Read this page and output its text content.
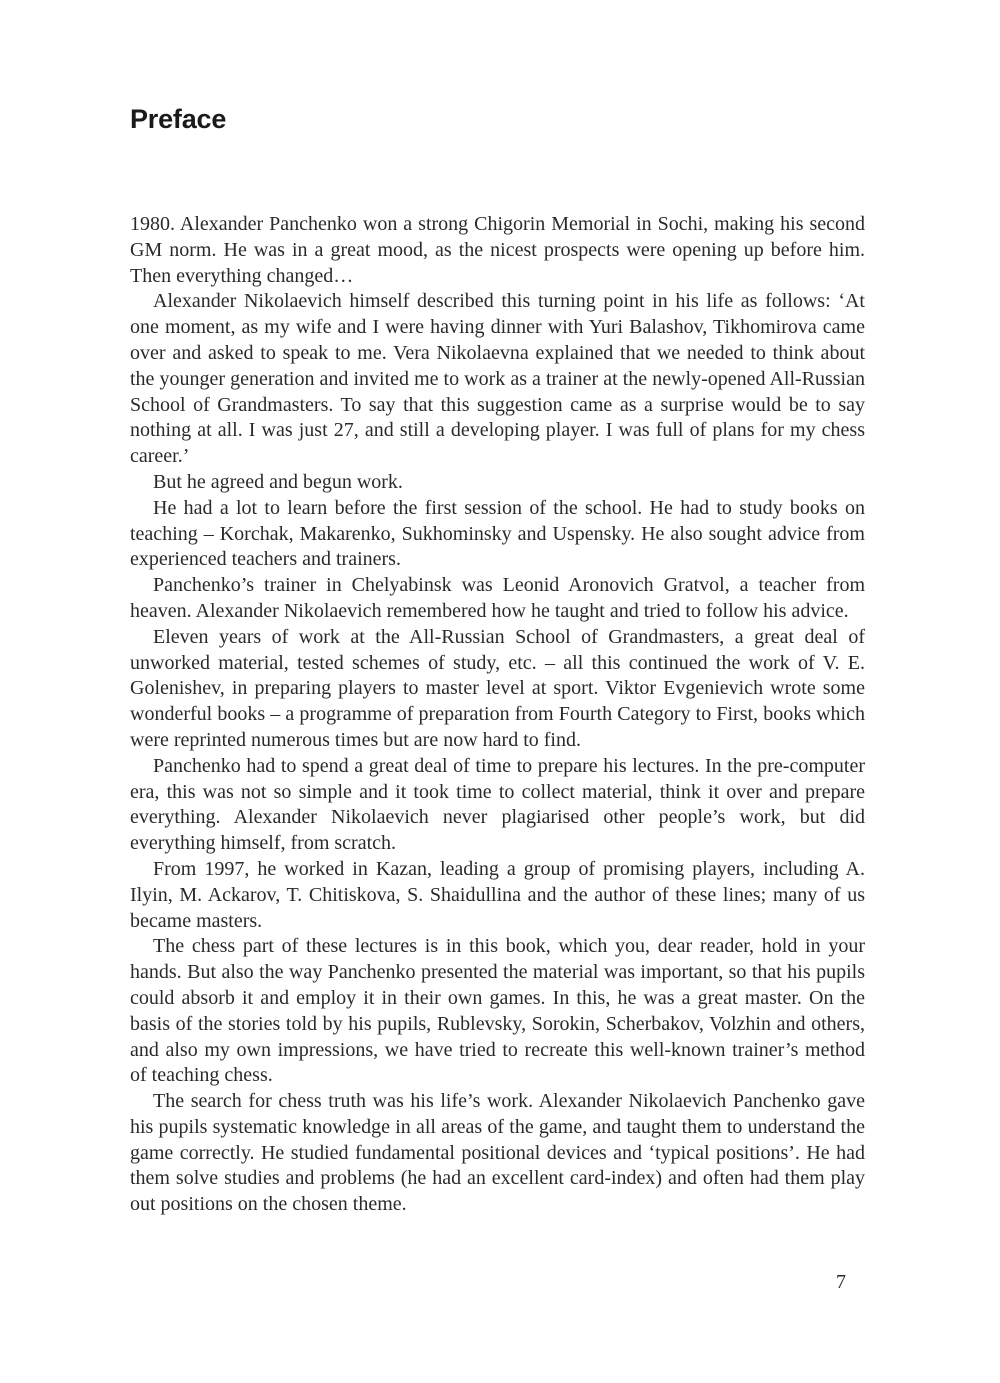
Preface

1980. Alexander Panchenko won a strong Chigorin Memorial in Sochi, making his second GM norm. He was in a great mood, as the nicest prospects were opening up before him. Then everything changed…

Alexander Nikolaevich himself described this turning point in his life as follows: ‘At one moment, as my wife and I were having dinner with Yuri Balashov, Tikhomirova came over and asked to speak to me. Vera Nikolaevna explained that we needed to think about the younger generation and invited me to work as a trainer at the newly-opened All-Russian School of Grandmasters. To say that this suggestion came as a surprise would be to say nothing at all. I was just 27, and still a developing player. I was full of plans for my chess career.’

But he agreed and begun work.

He had a lot to learn before the first session of the school. He had to study books on teaching – Korchak, Makarenko, Sukhominsky and Uspensky. He also sought advice from experienced teachers and trainers.

Panchenko’s trainer in Chelyabinsk was Leonid Aronovich Gratvol, a teacher from heaven. Alexander Nikolaevich remembered how he taught and tried to follow his advice.

Eleven years of work at the All-Russian School of Grandmasters, a great deal of unworked material, tested schemes of study, etc. – all this continued the work of V. E. Golenishev, in preparing players to master level at sport. Viktor Evgenievich wrote some wonderful books – a programme of preparation from Fourth Category to First, books which were reprinted numerous times but are now hard to find.

Panchenko had to spend a great deal of time to prepare his lectures. In the pre-computer era, this was not so simple and it took time to collect material, think it over and prepare everything. Alexander Nikolaevich never plagiarised other people’s work, but did everything himself, from scratch.

From 1997, he worked in Kazan, leading a group of promising players, including A. Ilyin, M. Ackarov, T. Chitiskova, S. Shaidullina and the author of these lines; many of us became masters.

The chess part of these lectures is in this book, which you, dear reader, hold in your hands. But also the way Panchenko presented the material was important, so that his pupils could absorb it and employ it in their own games. In this, he was a great master. On the basis of the stories told by his pupils, Rublevsky, Sorokin, Scherbakov, Volzhin and others, and also my own impressions, we have tried to recreate this well-known trainer’s method of teaching chess.

The search for chess truth was his life’s work. Alexander Nikolaevich Panchenko gave his pupils systematic knowledge in all areas of the game, and taught them to understand the game correctly. He studied fundamental positional devices and ‘typical positions’. He had them solve studies and problems (he had an excellent card-index) and often had them play out positions on the chosen theme.

7
